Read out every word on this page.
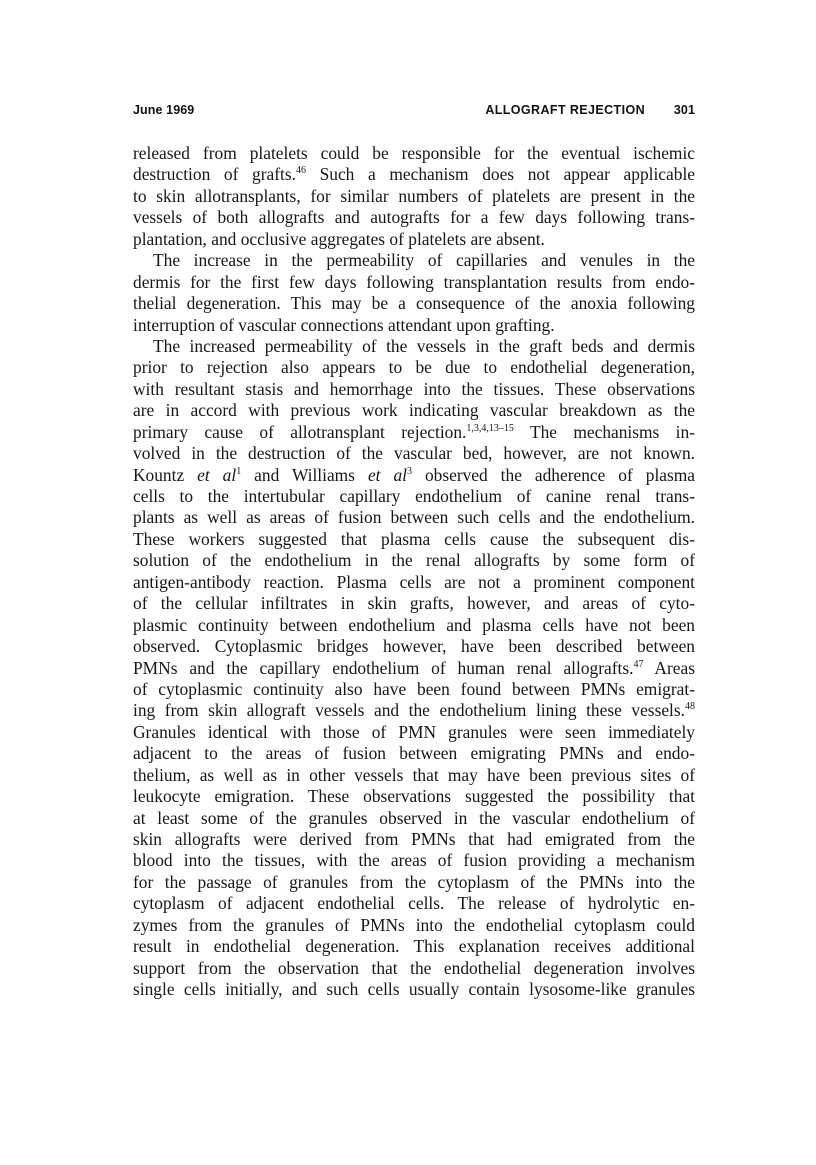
June 1969	ALLOGRAFT REJECTION 301
released from platelets could be responsible for the eventual ischemic
destruction of grafts.$^{46}$ Such a mechanism does not appear applicable
to skin allotransplants, for similar numbers of platelets are present in the
vessels of both allografts and autografts for a few days following trans-
plantation, and occlusive aggregates of platelets are absent.
The increase in the permeability of capillaries and venules in the
dermis for the first few days following transplantation results from endo-
thelial degeneration. This may be a consequence of the anoxia following
interruption of vascular connections attendant upon grafting.
The increased permeability of the vessels in the graft beds and dermis
prior to rejection also appears to be due to endothelial degeneration,
with resultant stasis and hemorrhage into the tissues. These observations
are in accord with previous work indicating vascular breakdown as the
primary cause of allotransplant rejection.$^{1,3,4,13-15}$ The mechanisms in-
volved in the destruction of the vascular bed, however, are not known.
Kountz et $al^1$ and Williams et $al^3$ observed the adherence of plasma
cells to the intertubular capillary endothelium of canine renal trans-
plants as well as areas of fusion between such cells and the endothelium.
These workers suggested that plasma cells cause the subsequent dis-
solution of the endothelium in the renal allografts by some form of
antigen-antibody reaction. Plasma cells are not a prominent component
of the cellular infiltrates in skin grafts, however, and areas of cyto-
plasmic continuity between endothelium and plasma cells have not been
observed. Cytoplasmic bridges however, have been described between
PMNs and the capillary endothelium of human renal allografts.$^{47}$ Areas
of cytoplasmic continuity also have been found between PMNs emigrat-
ing from skin allograft vessels and the endothelium lining these vessels.$^{48}$
Granules identical with those of PMN granules were seen immediately
adjacent to the areas of fusion between emigrating PMNs and endo-
thelium, as well as in other vessels that may have been previous sites of
leukocyte emigration. These observations suggested the possibility that
at least some of the granules observed in the vascular endothelium of
skin allografts were derived from PMNs that had emigrated from the
blood into the tissues, with the areas of fusion providing a mechanism
for the passage of granules from the cytoplasm of the PMNs into the
cytoplasm of adjacent endothelial cells. The release of hydrolytic en-
zymes from the granules of PMNs into the endothelial cytoplasm could
result in endothelial degeneration. This explanation receives additional
support from the observation that the endothelial degeneration involves
single cells initially, and such cells usually contain lysosome-like granules
